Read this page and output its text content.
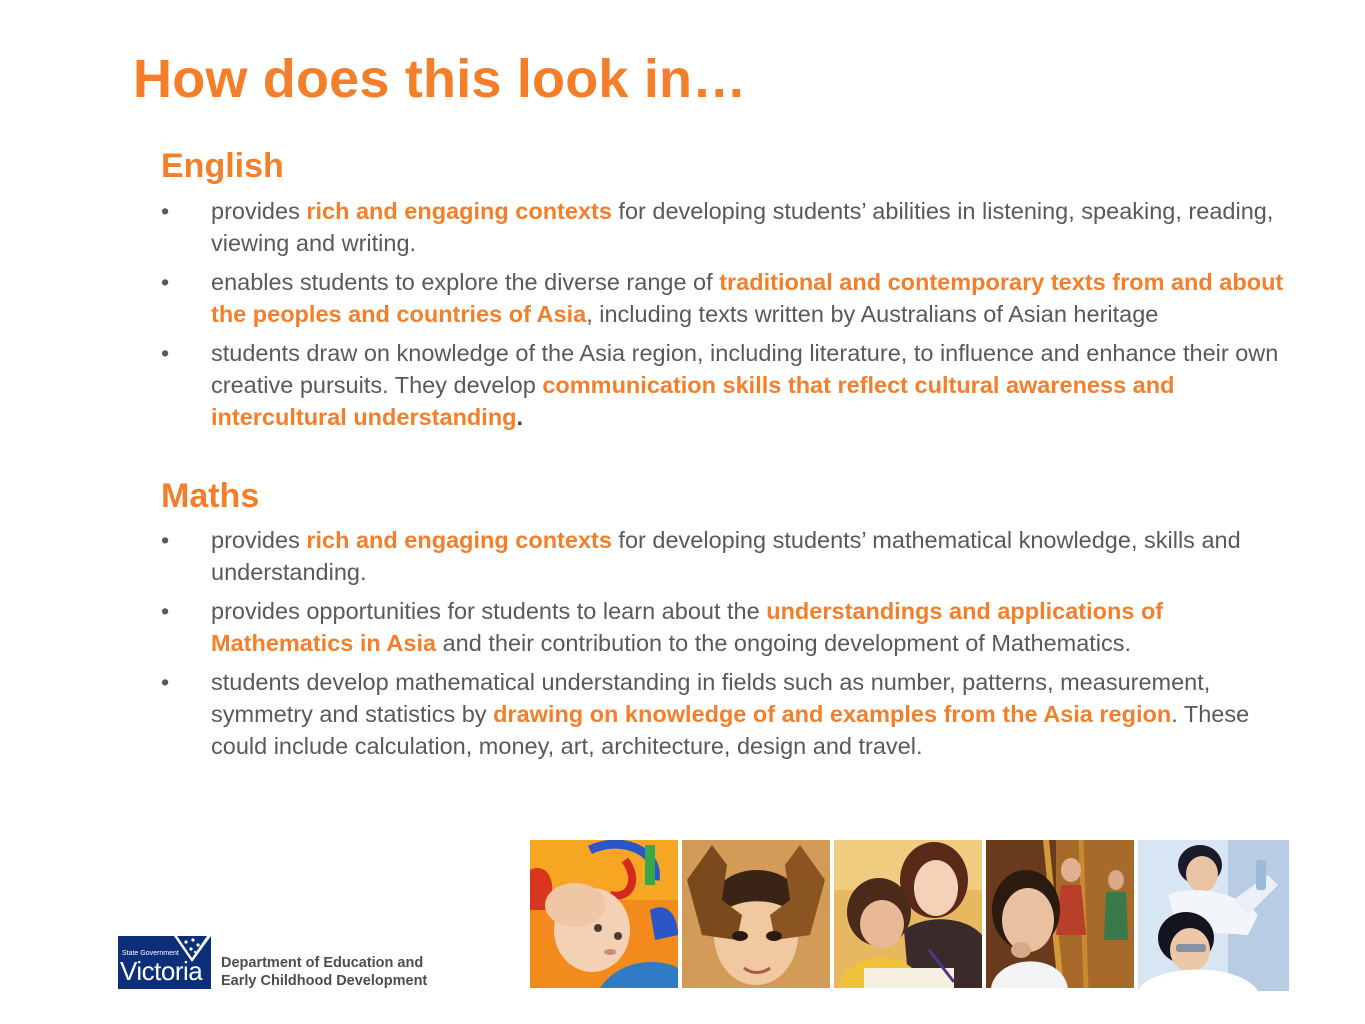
How does this look in…
English
• provides rich and engaging contexts for developing students’ abilities in listening, speaking, reading, viewing and writing.
• enables students to explore the diverse range of traditional and contemporary texts from and about the peoples and countries of Asia, including texts written by Australians of Asian heritage
• students draw on knowledge of the Asia region, including literature, to influence and enhance their own creative pursuits. They develop communication skills that reflect cultural awareness and intercultural understanding.
Maths
• provides rich and engaging contexts for developing students’ mathematical knowledge, skills and understanding.
• provides opportunities for students to learn about the understandings and applications of Mathematics in Asia and their contribution to the ongoing development of Mathematics.
• students develop mathematical understanding in fields such as number, patterns, measurement, symmetry and statistics by drawing on knowledge of and examples from the Asia region. These could include calculation, money, art, architecture, design and travel.
State Government
Victoria Department of Education and
Early Childhood Development
